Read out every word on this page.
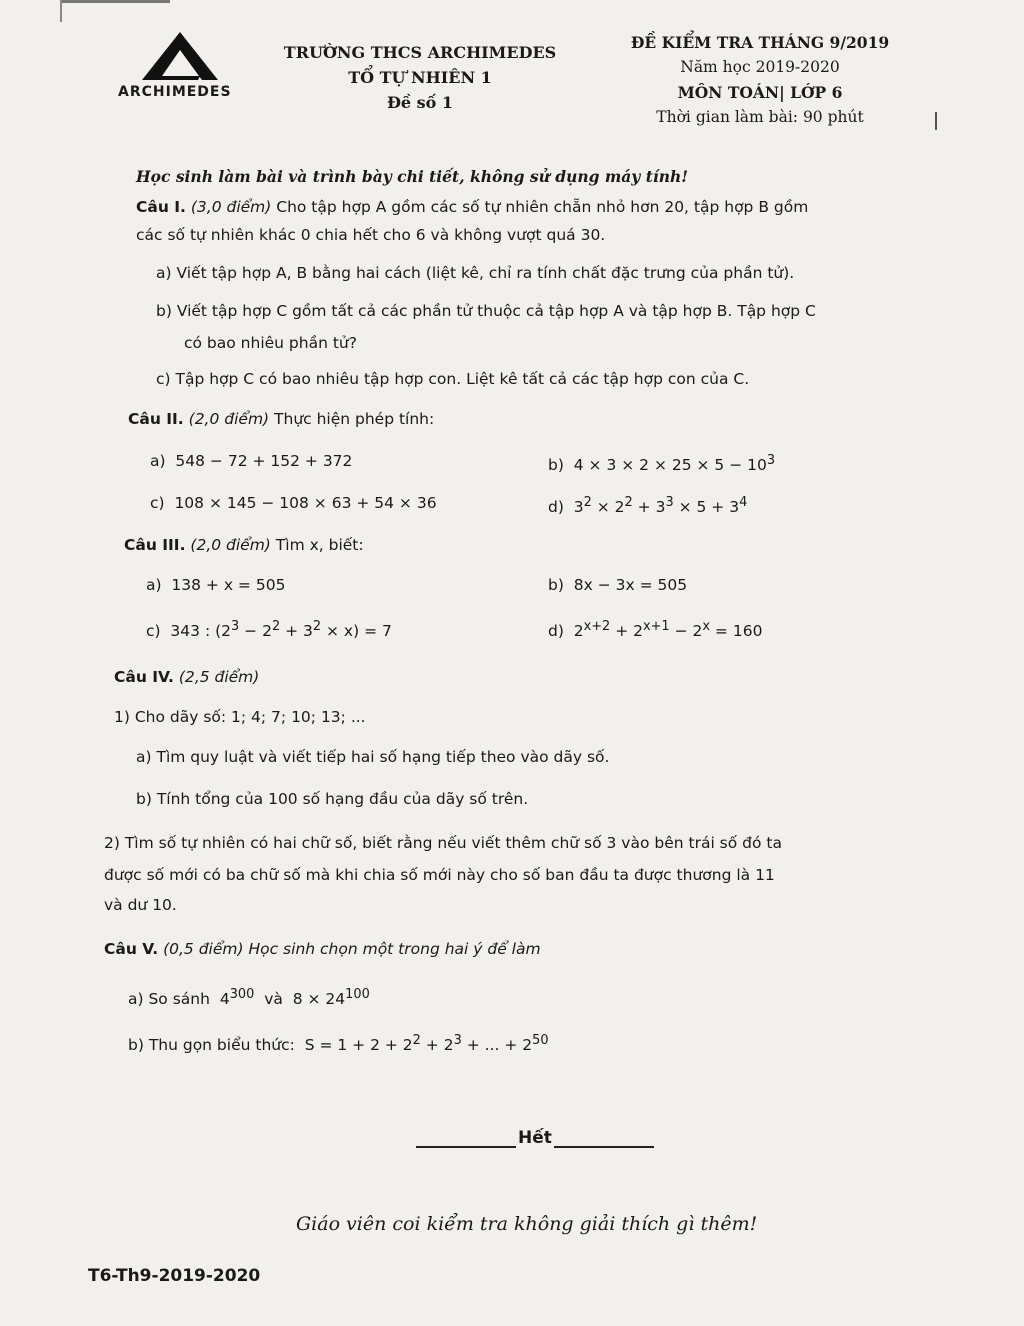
ARCHIMEDES
TRƯỜNG THCS ARCHIMEDES
TỔ TỰ NHIÊN 1
Đề số 1
ĐỀ KIỂM TRA THÁNG 9/2019
Năm học 2019-2020
MÔN TOÁN| LỚP 6
Thời gian làm bài: 90 phút
Học sinh làm bài và trình bày chi tiết, không sử dụng máy tính!
Câu I. (3,0 điểm) Cho tập hợp A gồm các số tự nhiên chẵn nhỏ hơn 20, tập hợp B gồm
các số tự nhiên khác 0 chia hết cho 6 và không vượt quá 30.
a) Viết tập hợp A, B bằng hai cách (liệt kê, chỉ ra tính chất đặc trưng của phần tử).
b) Viết tập hợp C gồm tất cả các phần tử thuộc cả tập hợp A và tập hợp B. Tập hợp C
có bao nhiêu phần tử?
c) Tập hợp C có bao nhiêu tập hợp con. Liệt kê tất cả các tập hợp con của C.
Câu II. (2,0 điểm) Thực hiện phép tính:
a) 548 − 72 + 152 + 372	b) $4 \times 3 \times 2 \times 25 \times 5 - 10^3$
c) 108 × 145 − 108 × 63 + 54 × 36	d)  $3^2 \times 2^2 + 3^3 \times 5 + 3^4$
Câu III. (2,0 điểm) Tìm x, biết:
a) 138 + x = 505	b) 8x − 3x = 505
c)  343 : $(2^3 - 2^2 + 3^2 \times x) = 7$	d)  $2^{x+2} + 2^{x+1} - 2^x = 160$
Câu IV. (2,5 điểm)
1) Cho dãy số: 1; 4; 7; 10; 13; ...
a) Tìm quy luật và viết tiếp hai số hạng tiếp theo vào dãy số.
b) Tính tổng của 100 số hạng đầu của dãy số trên.
2) Tìm số tự nhiên có hai chữ số, biết rằng nếu viết thêm chữ số 3 vào bên trái số đó ta
được số mới có ba chữ số mà khi chia số mới này cho số ban đầu ta được thương là 11
và dư 10.
Câu V. (0,5 điểm) Học sinh chọn một trong hai ý để làm
a) So sánh $4^{300}$ và $8 \times 24^{100}$
b) Thu gọn biểu thức: $S = 1 + 2 + 2^2 + 2^3$ + ... + $2^{50}$
Hết
Giáo viên coi kiểm tra không giải thích gì thêm!
T6-Th9-2019-2020
